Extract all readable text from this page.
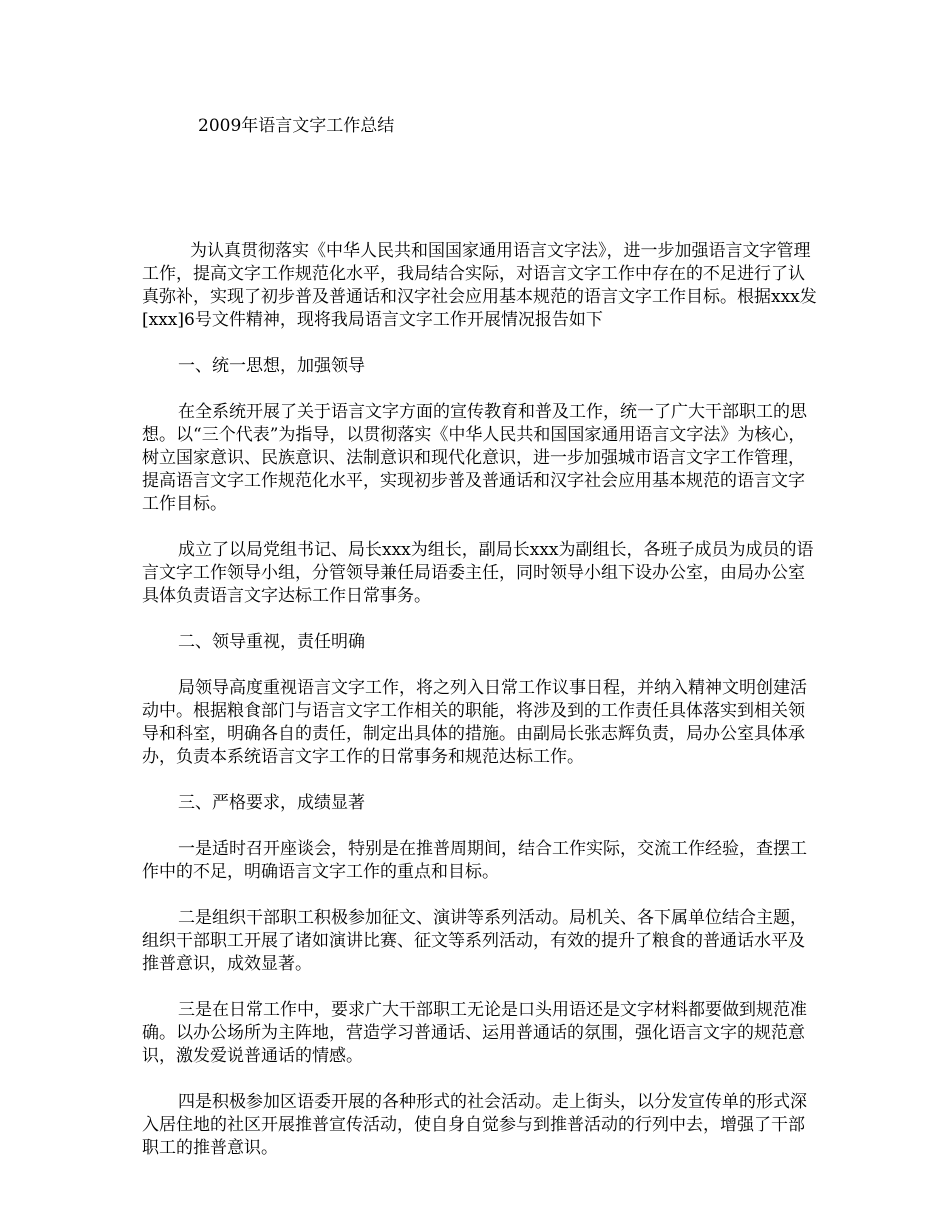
2009年语言文字工作总结

为认真贯彻落实《中华人民共和国国家通用语言文字法》，进一步加强语言文字管理工作，提高文字工作规范化水平，我局结合实际，对语言文字工作中存在的不足进行了认真弥补，实现了初步普及普通话和汉字社会应用基本规范的语言文字工作目标。根据xxx发[xxx]6号文件精神，现将我局语言文字工作开展情况报告如下

一、统一思想，加强领导

在全系统开展了关于语言文字方面的宣传教育和普及工作，统一了广大干部职工的思想。以“三个代表”为指导，以贯彻落实《中华人民共和国国家通用语言文字法》为核心，树立国家意识、民族意识、法制意识和现代化意识，进一步加强城市语言文字工作管理，提高语言文字工作规范化水平，实现初步普及普通话和汉字社会应用基本规范的语言文字工作目标。

成立了以局党组书记、局长xxx为组长，副局长xxx为副组长，各班子成员为成员的语言文字工作领导小组，分管领导兼任局语委主任，同时领导小组下设办公室，由局办公室具体负责语言文字达标工作日常事务。

二、领导重视，责任明确

局领导高度重视语言文字工作，将之列入日常工作议事日程，并纳入精神文明创建活动中。根据粮食部门与语言文字工作相关的职能，将涉及到的工作责任具体落实到相关领导和科室，明确各自的责任，制定出具体的措施。由副局长张志辉负责，局办公室具体承办，负责本系统语言文字工作的日常事务和规范达标工作。

三、严格要求，成绩显著

一是适时召开座谈会，特别是在推普周期间，结合工作实际，交流工作经验，查摆工作中的不足，明确语言文字工作的重点和目标。

二是组织干部职工积极参加征文、演讲等系列活动。局机关、各下属单位结合主题，组织干部职工开展了诸如演讲比赛、征文等系列活动，有效的提升了粮食的普通话水平及推普意识，成效显著。

三是在日常工作中，要求广大干部职工无论是口头用语还是文字材料都要做到规范准确。以办公场所为主阵地，营造学习普通话、运用普通话的氛围，强化语言文字的规范意识，激发爱说普通话的情感。

四是积极参加区语委开展的各种形式的社会活动。走上街头，以分发宣传单的形式深入居住地的社区开展推普宣传活动，使自身自觉参与到推普活动的行列中去，增强了干部职工的推普意识。
